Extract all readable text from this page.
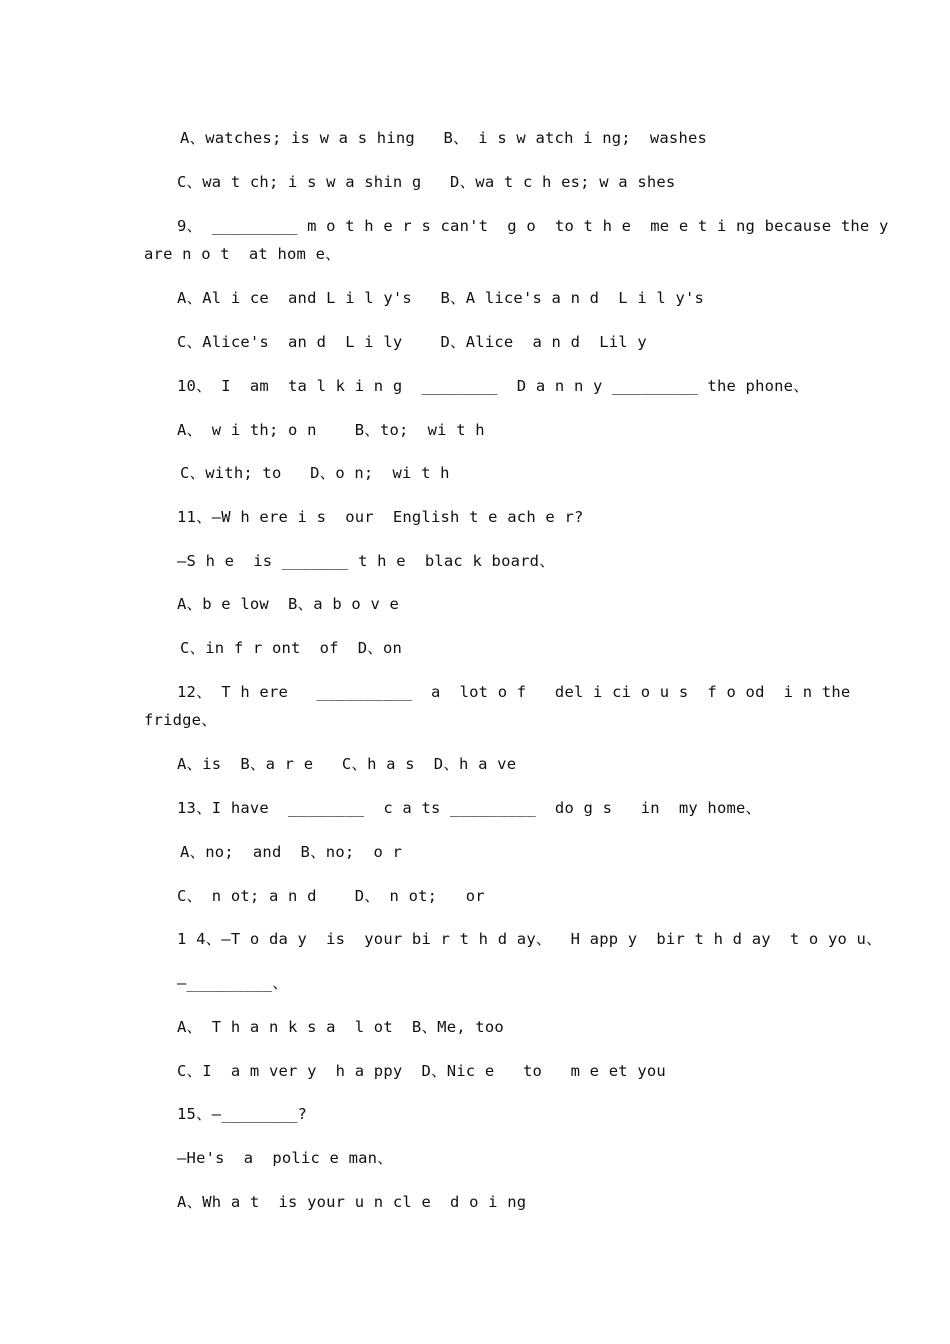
A、watches; is w a s hing   B、 i s w atch i ng;  washes
C、wa t ch; i s w a shin g   D、wa t c h es; w a shes
9、 _________ m o t h e r s can't  g o  to t h e  me e t i ng because the y
are n o t  at hom e、
A、Al i ce  and L i l y's   B、A lice's a n d  L i l y's
C、Alice's  an d  L i ly    D、Alice  a n d  Lil y
10、 I  am  ta l k i n g  ________  D a n n y _________ the phone、
A、 w i th; o n    B、to;  wi t h
C、with; to   D、o n;  wi t h
11、—W h ere i s  our  English t e ach e r?
—S h e  is _______ t h e  blac k board、
A、b e low  B、a b o v e
C、in f r ont  of  D、on
12、 T h ere   __________  a  lot o f   del i ci o u s  f o od  i n the
fridge、
A、is  B、a r e   C、h a s  D、h a ve
13、I have  ________  c a ts _________  do g s   in  my home、
A、no;  and  B、no;  o r
C、 n ot; a n d    D、 n ot;   or
1 4、—T o da y  is  your bi r t h d ay、  H app y  bir t h d ay  t o yo u、
—_________、
A、 T h a n k s a  l ot  B、Me, too
C、I  a m ver y  h a ppy  D、Nic e   to   m e et you
15、—________?
—He's  a  polic e man、
A、Wh a t  is your u n cl e  d o i ng
